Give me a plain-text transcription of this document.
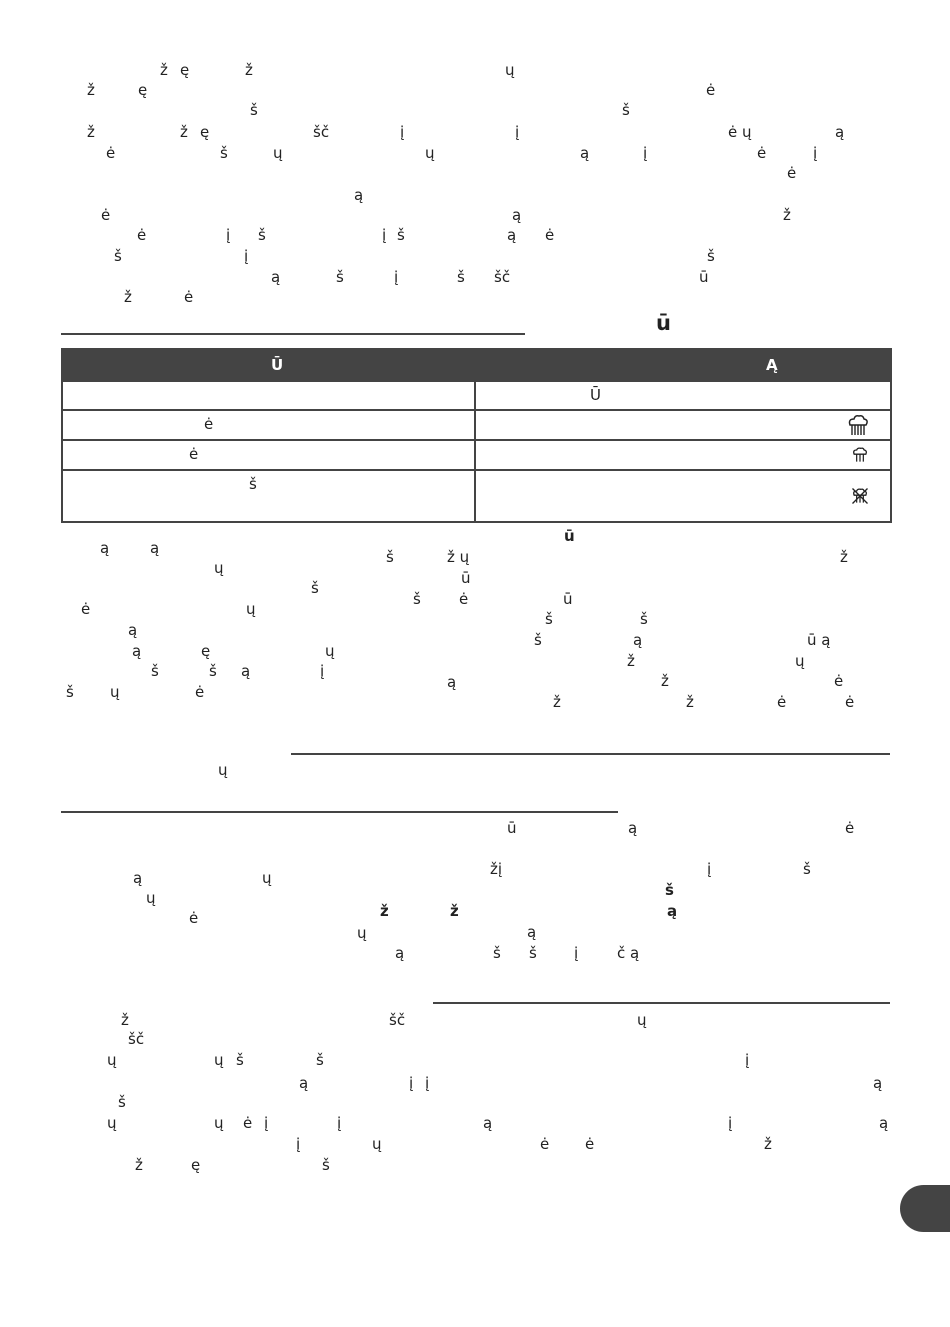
ž ę	ž	ų
ž	ę	ė
š	š
ž	ž ę	šč	į	į	ė ų	ą
ė	š	ų	ų	ą	į	ė	į
ė
ą
ė	ą	ž
ė	į š	į š	ą ė
š	į	š
ą	š	į	š šč	ū
ž	ė
ū
Ū	Ą

	Ū

ė

ė

š

ū
ą	ą	š	ž ų	ž
ų
ū
š
š	ė	ū
ė	ų
š	š
ą
š	ą	ū ą
ą	ę	ų
ž	ų
š	š ą	į
ž	ė
ą
š ų	ė
ž	ž	ė	ė
ų
ū	ą	ė
žį	į	š
ą	ų
š
ų
ž	ž	ą
ė
ą
ų
ą	š š į	č ą
ž	šč	ų
šč
ų	ų š	š	į
ą	į į	ą
š
ų	ų ė į	į	ą	į	ą
į	ų	ė ė	ž
ž	ę	š
